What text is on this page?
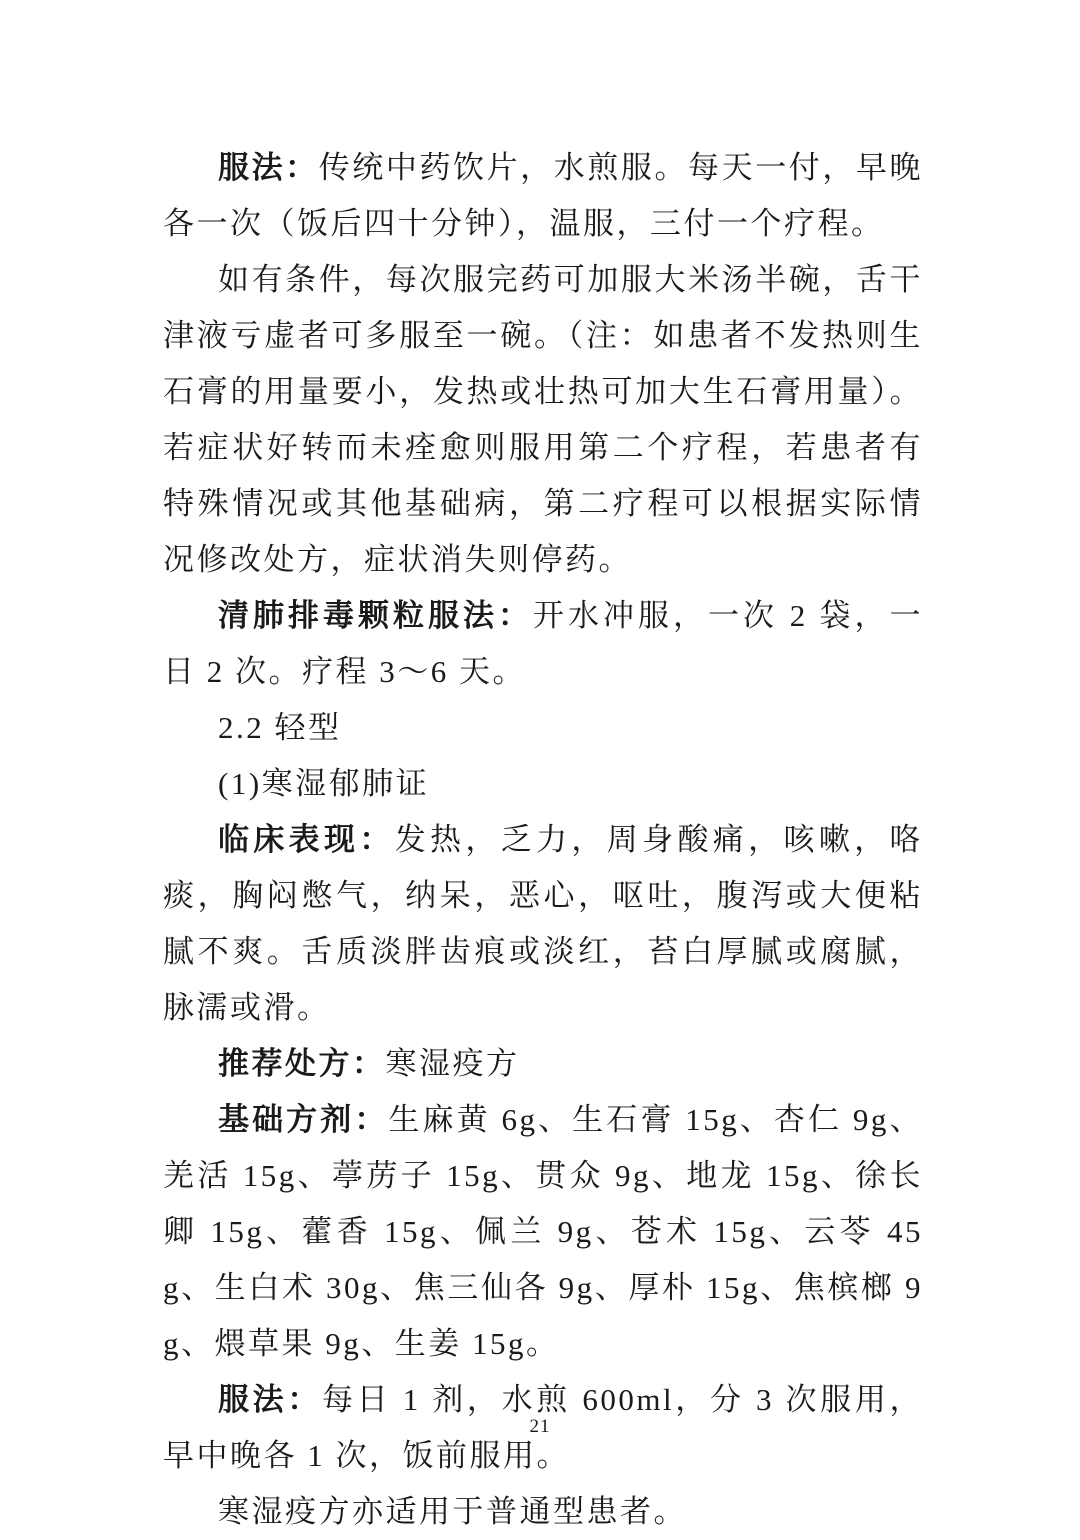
服法：传统中药饮片，水煎服。每天一付，早晚各一次（饭后四十分钟），温服，三付一个疗程。

如有条件，每次服完药可加服大米汤半碗，舌干津液亏虚者可多服至一碗。（注：如患者不发热则生石膏的用量要小，发热或壮热可加大生石膏用量）。若症状好转而未痊愈则服用第二个疗程，若患者有特殊情况或其他基础病，第二疗程可以根据实际情况修改处方，症状消失则停药。

清肺排毒颗粒服法：开水冲服，一次 2 袋，一日 2 次。疗程 3～6 天。

2.2 轻型

(1)寒湿郁肺证

临床表现：发热，乏力，周身酸痛，咳嗽，咯痰，胸闷憋气，纳呆，恶心，呕吐，腹泻或大便粘腻不爽。舌质淡胖齿痕或淡红，苔白厚腻或腐腻，脉濡或滑。

推荐处方：寒湿疫方

基础方剂：生麻黄 6g、生石膏 15g、杏仁 9g、羌活 15g、葶苈子 15g、贯众 9g、地龙 15g、徐长卿 15g、藿香 15g、佩兰 9g、苍术 15g、云苓 45g、生白术 30g、焦三仙各 9g、厚朴 15g、焦槟榔 9g、煨草果 9g、生姜 15g。

服法：每日 1 剂，水煎 600ml，分 3 次服用，早中晚各 1 次，饭前服用。

寒湿疫方亦适用于普通型患者。

21
